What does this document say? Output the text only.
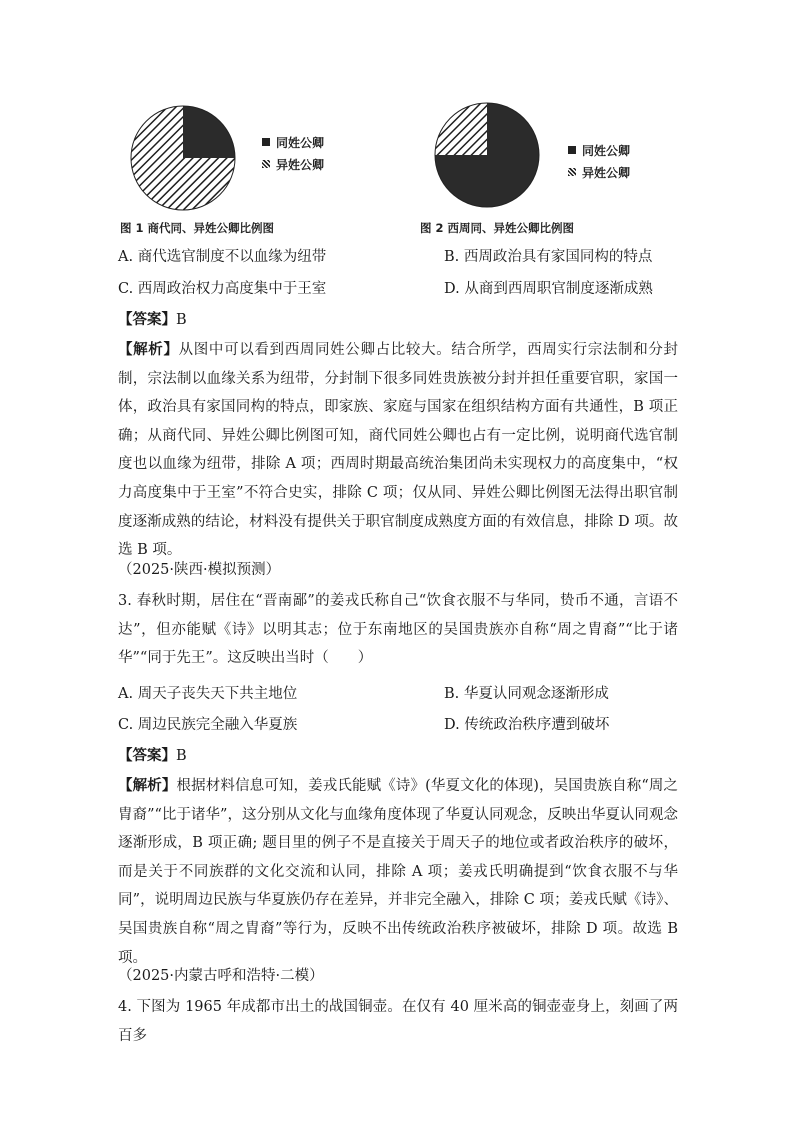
同姓公卿
异姓公卿
图 1 商代同、异姓公卿比例图
同姓公卿
异姓公卿
图 2 西周同、异姓公卿比例图
A. 商代选官制度不以血缘为纽带	B. 西周政治具有家国同构的特点
C. 西周政治权力高度集中于王室	D. 从商到西周职官制度逐渐成熟
【答案】B
【解析】从图中可以看到西周同姓公卿占比较大。结合所学，西周实行宗法制和分封制，宗法制以血缘关系为纽带，分封制下很多同姓贵族被分封并担任重要官职，家国一体，政治具有家国同构的特点，即家族、家庭与国家在组织结构方面有共通性，B 项正确；从商代同、异姓公卿比例图可知，商代同姓公卿也占有一定比例，说明商代选官制度也以血缘为纽带，排除 A 项；西周时期最高统治集团尚未实现权力的高度集中，“权力高度集中于王室”不符合史实，排除 C 项；仅从同、异姓公卿比例图无法得出职官制度逐渐成熟的结论，材料没有提供关于职官制度成熟度方面的有效信息，排除 D 项。故选 B 项。
（2025·陕西·模拟预测）
3. 春秋时期，居住在“晋南鄙”的姜戎氏称自己“饮食衣服不与华同，贽币不通，言语不达”，但亦能赋《诗》以明其志；位于东南地区的吴国贵族亦自称“周之胄裔”“比于诸华”“同于先王”。这反映出当时（　　）
A. 周天子丧失天下共主地位	B. 华夏认同观念逐渐形成
C. 周边民族完全融入华夏族	D. 传统政治秩序遭到破坏
【答案】B
【解析】根据材料信息可知，姜戎氏能赋《诗》(华夏文化的体现)，吴国贵族自称“周之胄裔”“比于诸华”，这分别从文化与血缘角度体现了华夏认同观念，反映出华夏认同观念逐渐形成，B 项正确; 题目里的例子不是直接关于周天子的地位或者政治秩序的破坏，而是关于不同族群的文化交流和认同，排除 A 项；姜戎氏明确提到“饮食衣服不与华同”，说明周边民族与华夏族仍存在差异，并非完全融入，排除 C 项；姜戎氏赋《诗》、吴国贵族自称“周之胄裔”等行为，反映不出传统政治秩序被破坏，排除 D 项。故选 B 项。
（2025·内蒙古呼和浩特·二模）
4. 下图为 1965 年成都市出土的战国铜壶。在仅有 40 厘米高的铜壶壶身上，刻画了两百多
